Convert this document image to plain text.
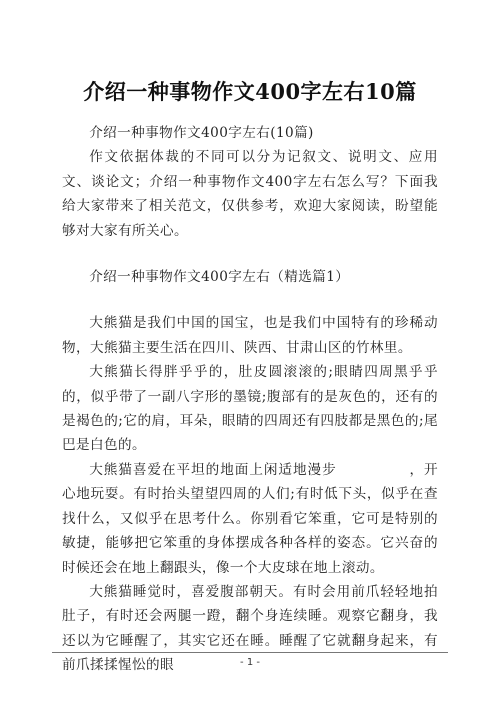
介绍一种事物作文400字左右10篇

介绍一种事物作文400字左右(10篇)

作文依据体裁的不同可以分为记叙文、说明文、应用文、谈论文；介绍一种事物作文400字左右怎么写？下面我给大家带来了相关范文，仅供参考，欢迎大家阅读，盼望能够对大家有所关心。

介绍一种事物作文400字左右（精选篇1）

大熊猫是我们中国的国宝，也是我们中国特有的珍稀动物，大熊猫主要生活在四川、陕西、甘肃山区的竹林里。

大熊猫长得胖乎乎的，肚皮圆滚滚的;眼睛四周黑乎乎的，似乎带了一副八字形的墨镜;腹部有的是灰色的，还有的是褐色的;它的肩，耳朵，眼睛的四周还有四肢都是黑色的;尾巴是白色的。

大熊猫喜爱在平坦的地面上闲适地漫步　　　　　，开心地玩耍。有时抬头望望四周的人们;有时低下头，似乎在查找什么，又似乎在思考什么。你别看它笨重，它可是特别的敏捷，能够把它笨重的身体摆成各种各样的姿态。它兴奋的时候还会在地上翻跟头，像一个大皮球在地上滚动。

大熊猫睡觉时，喜爱腹部朝天。有时会用前爪轻轻地拍肚子，有时还会两腿一蹬，翻个身连续睡。观察它翻身，我还以为它睡醒了，其实它还在睡。睡醒了它就翻身起来，有前爪揉揉惺忪的眼	- 1 -
